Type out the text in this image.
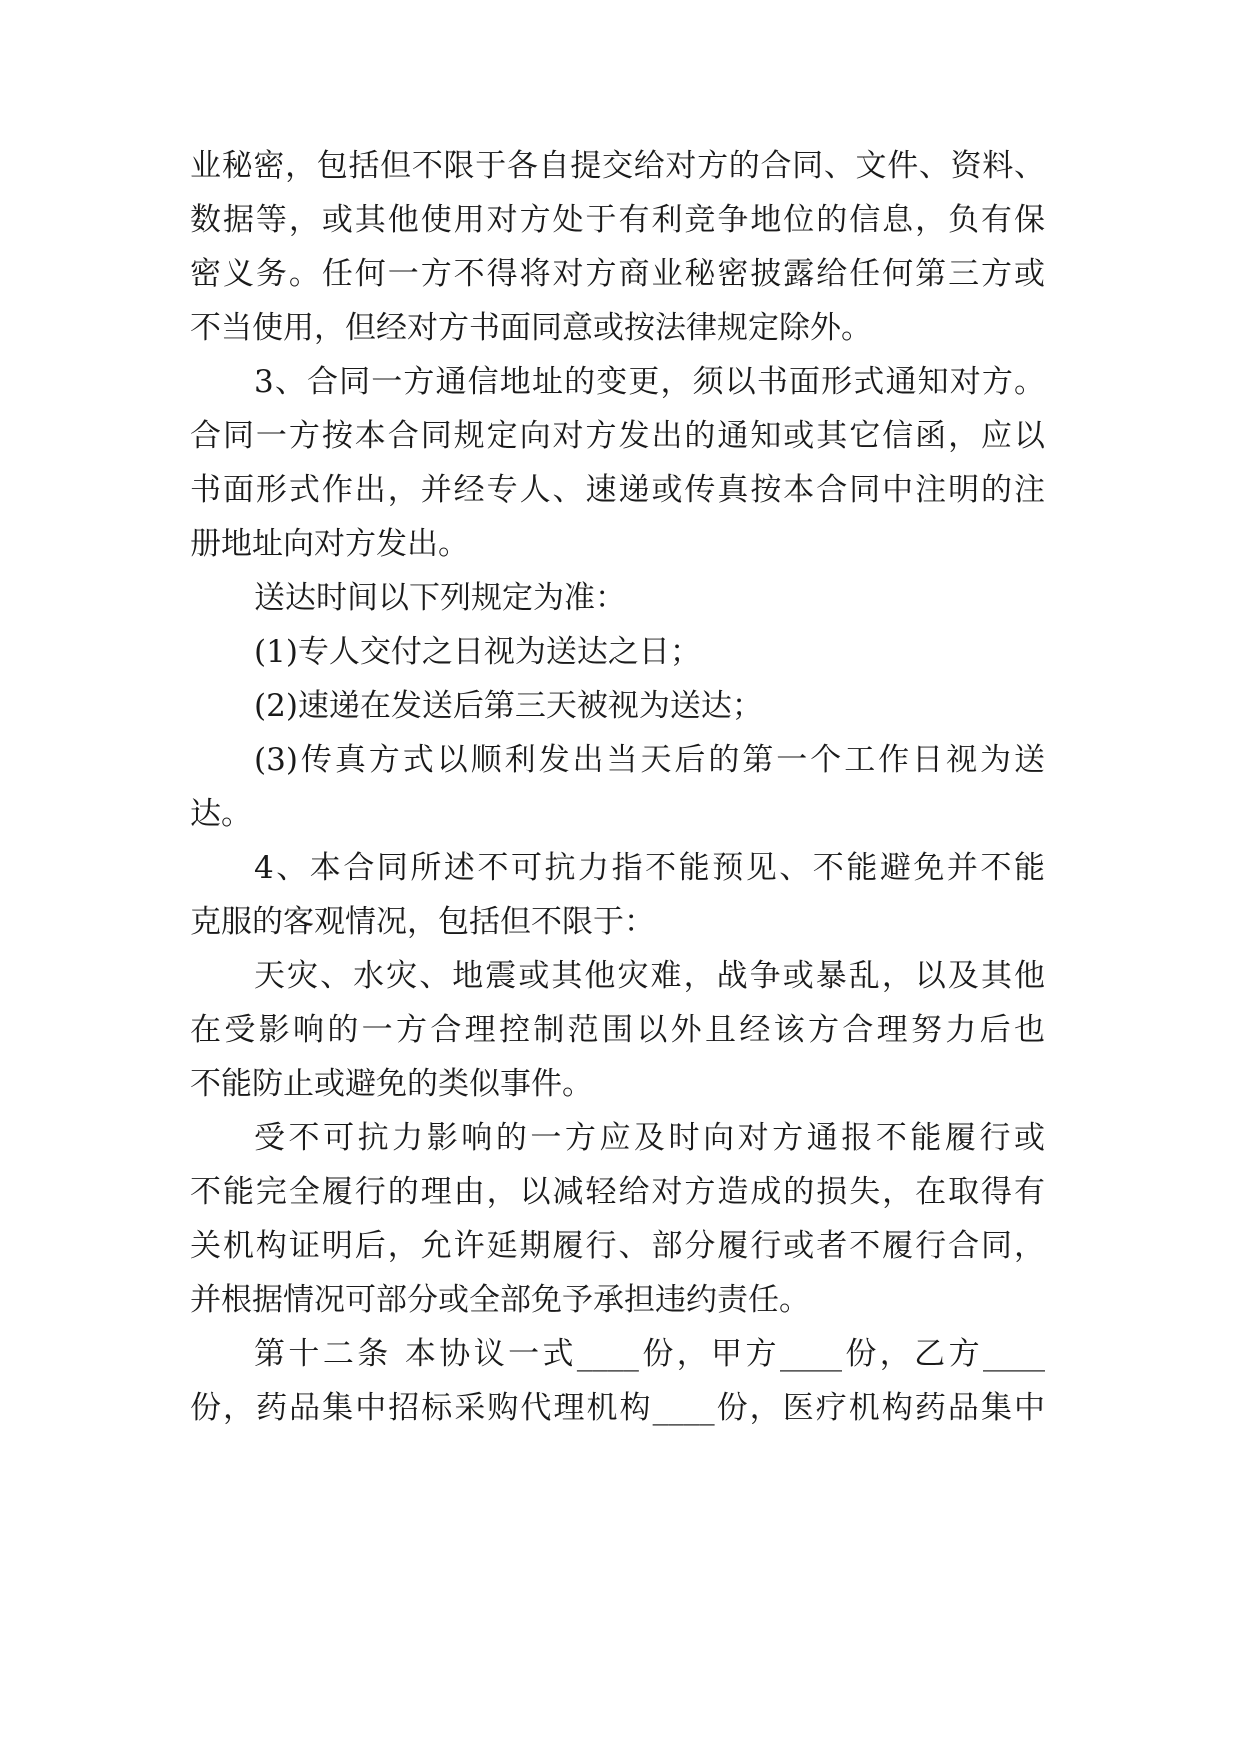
业秘密，包括但不限于各自提交给对方的合同、文件、资料、
数据等，或其他使用对方处于有利竞争地位的信息，负有保
密义务。任何一方不得将对方商业秘密披露给任何第三方或
不当使用，但经对方书面同意或按法律规定除外。
3、合同一方通信地址的变更，须以书面形式通知对方。
合同一方按本合同规定向对方发出的通知或其它信函，应以
书面形式作出，并经专人、速递或传真按本合同中注明的注
册地址向对方发出。
送达时间以下列规定为准：
(1)专人交付之日视为送达之日；
(2)速递在发送后第三天被视为送达；
(3)传真方式以顺利发出当天后的第一个工作日视为送
达。
4、本合同所述不可抗力指不能预见、不能避免并不能
克服的客观情况，包括但不限于：
天灾、水灾、地震或其他灾难，战争或暴乱，以及其他
在受影响的一方合理控制范围以外且经该方合理努力后也
不能防止或避免的类似事件。
受不可抗力影响的一方应及时向对方通报不能履行或
不能完全履行的理由，以减轻给对方造成的损失，在取得有
关机构证明后，允许延期履行、部分履行或者不履行合同，
并根据情况可部分或全部免予承担违约责任。
第十二条 本协议一式____份，甲方____份，乙方____
份，药品集中招标采购代理机构____份，医疗机构药品集中
